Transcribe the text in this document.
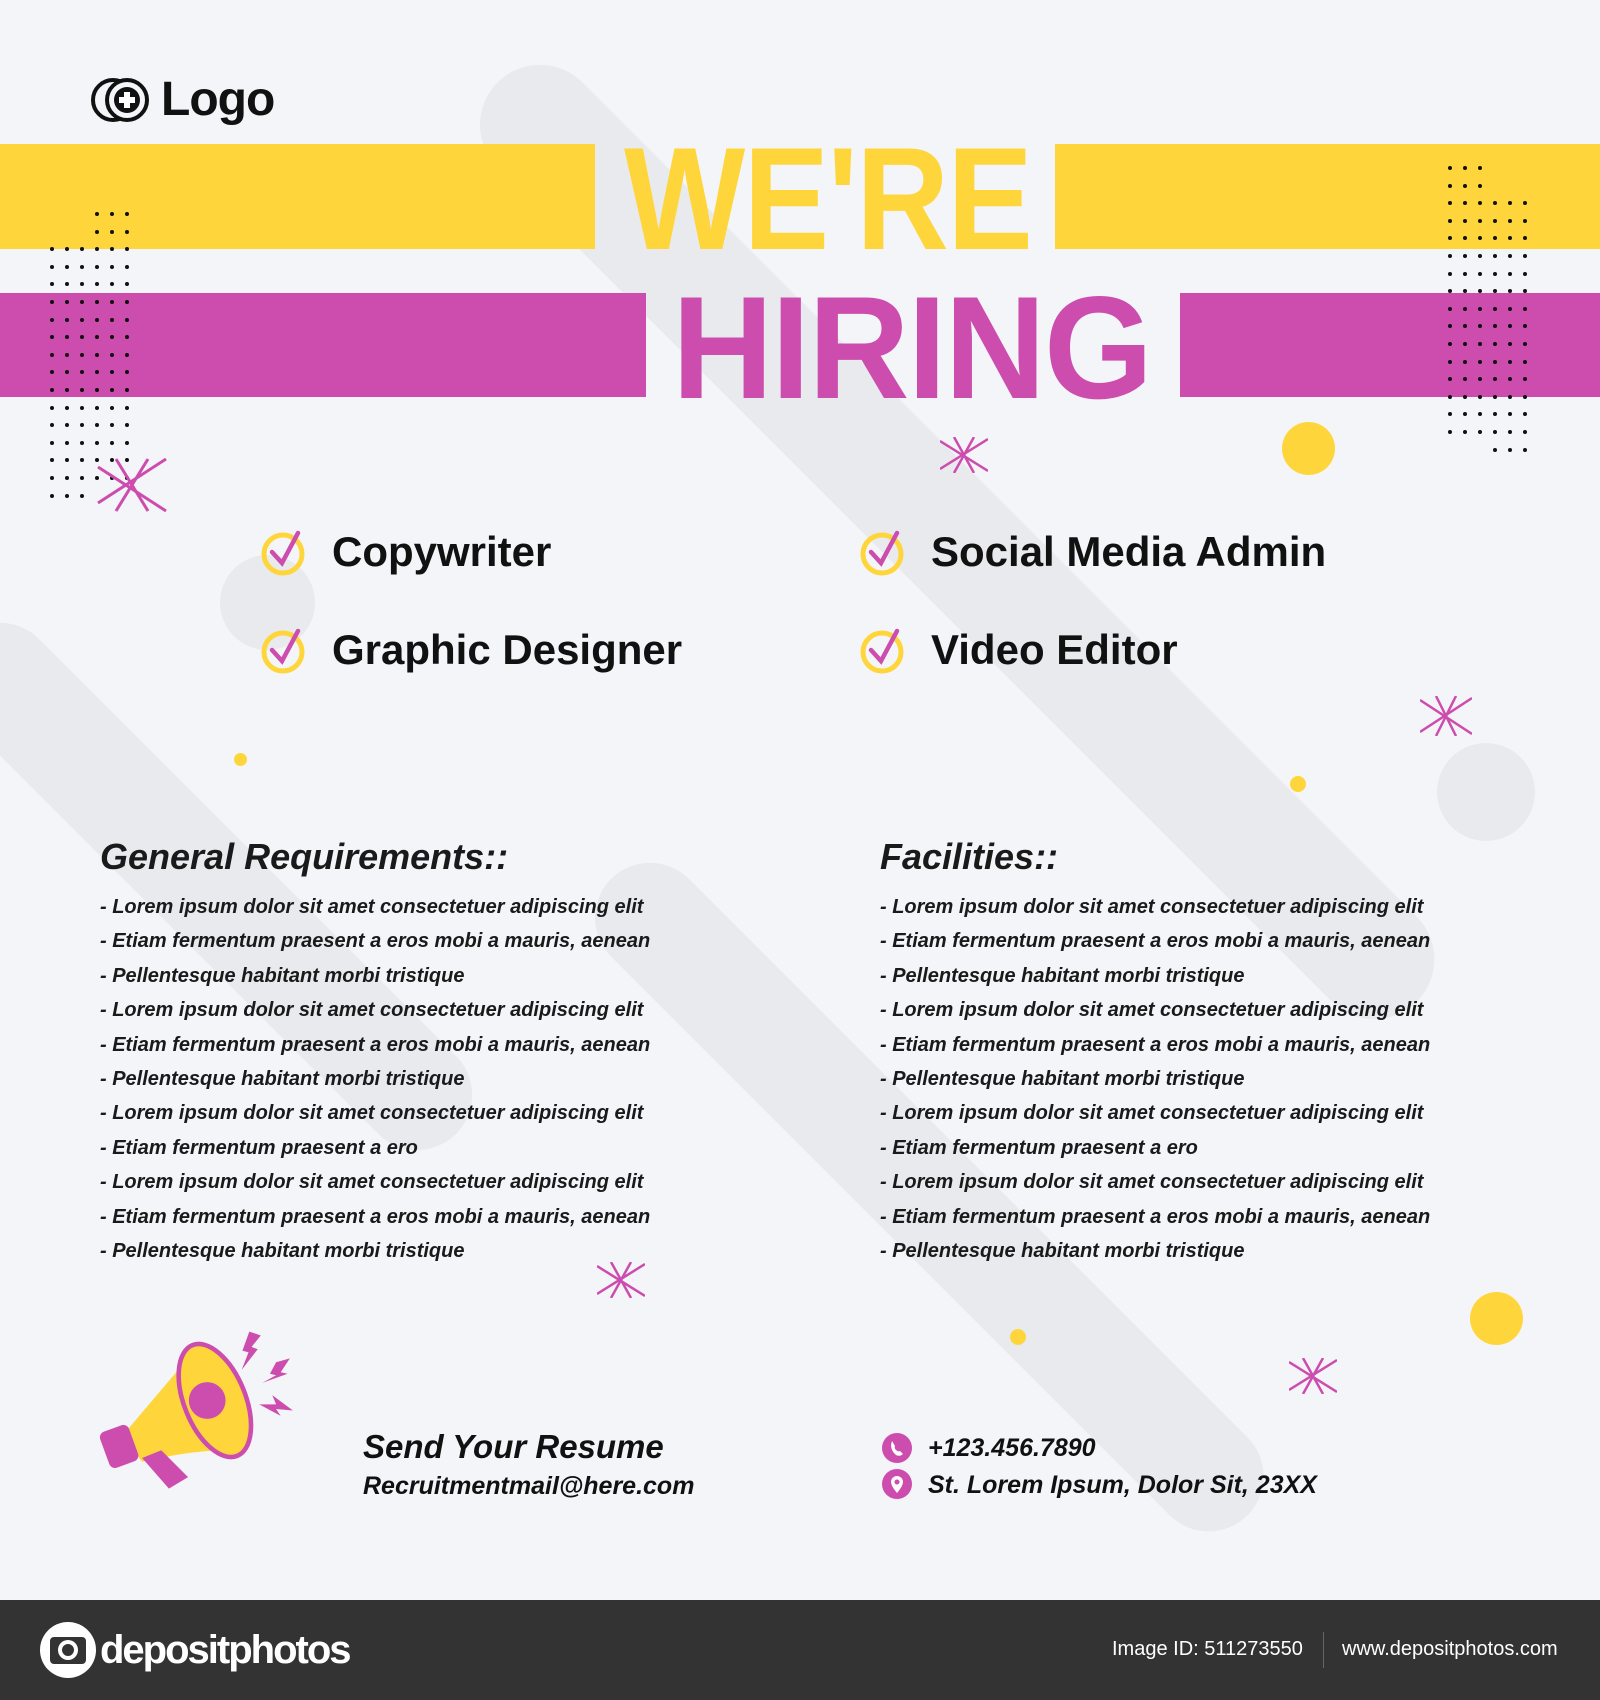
Logo
WE'RE
HIRING
Copywriter	Social Media Admin
Graphic Designer	Video Editor
General Requirements::
- Lorem ipsum dolor sit amet consectetuer adipiscing elit
- Etiam fermentum praesent a eros mobi a mauris, aenean
- Pellentesque habitant morbi tristique
- Lorem ipsum dolor sit amet consectetuer adipiscing elit
- Etiam fermentum praesent a eros mobi a mauris, aenean
- Pellentesque habitant morbi tristique
- Lorem ipsum dolor sit amet consectetuer adipiscing elit
- Etiam fermentum praesent a ero
- Lorem ipsum dolor sit amet consectetuer adipiscing elit
- Etiam fermentum praesent a eros mobi a mauris, aenean
- Pellentesque habitant morbi tristique
Facilities::
- Lorem ipsum dolor sit amet consectetuer adipiscing elit
- Etiam fermentum praesent a eros mobi a mauris, aenean
- Pellentesque habitant morbi tristique
- Lorem ipsum dolor sit amet consectetuer adipiscing elit
- Etiam fermentum praesent a eros mobi a mauris, aenean
- Pellentesque habitant morbi tristique
- Lorem ipsum dolor sit amet consectetuer adipiscing elit
- Etiam fermentum praesent a ero
- Lorem ipsum dolor sit amet consectetuer adipiscing elit
- Etiam fermentum praesent a eros mobi a mauris, aenean
- Pellentesque habitant morbi tristique
Send Your Resume
Recruitmentmail@here.com
+123.456.7890
St. Lorem Ipsum, Dolor Sit, 23XX
depositphotos	Image ID: 511273550 www.depositphotos.com
